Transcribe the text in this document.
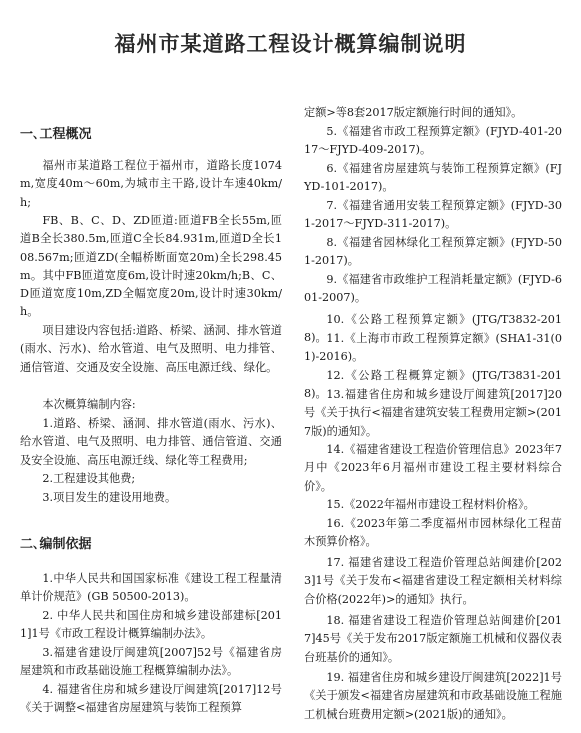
福州市某道路工程设计概算编制说明
一､工程概况
福州市某道路工程位于福州市，道路长度1074m,宽度40m～60m,为城市主干路,设计车速40km/h;
FB、B、C、D、ZD匝道:匝道FB全长55m,匝道B全长380.5m,匝道C全长84.931m,匝道D全长108.567m;匝道ZD(全幅桥断面宽20m)全长298.45m。其中FB匝道宽度6m,设计时速20km/h;B、C、D匝道宽度10m,ZD全幅宽度20m,设计时速30km/h。
项目建设内容包括:道路、桥梁、涵洞、排水管道(雨水、污水)、给水管道、电气及照明、电力排管、通信管道、交通及安全设施、高压电源迁线、绿化。
本次概算编制内容:
1.道路、桥梁、涵洞、排水管道(雨水、污水)、给水管道、电气及照明、电力排管、通信管道、交通及安全设施、高压电源迁线、绿化等工程费用;
2.工程建设其他费;
3.项目发生的建设用地费。
二､编制依据
1.中华人民共和国国家标准《建设工程工程量清单计价规范》(GB 50500-2013)。
2. 中华人民共和国住房和城乡建设部建标[2011]1号《市政工程设计概算编制办法》。
3.福建省建设厅闽建筑[2007]52号《福建省房屋建筑和市政基础设施工程概算编制办法》。
4. 福建省住房和城乡建设厅闽建筑[2017]12号《关于调整<福建省房屋建筑与装饰工程预算
定额>等8套2017版定额施行时间的通知》。
5.《福建省市政工程预算定额》(FJYD-401-2017～FJYD-409-2017)。
6.《福建省房屋建筑与装饰工程预算定额》(FJYD-101-2017)。
7.《福建省通用安装工程预算定额》(FJYD-301-2017～FJYD-311-2017)。
8.《福建省园林绿化工程预算定额》(FJYD-501-2017)。
9.《福建省市政维护工程消耗量定额》(FJYD-601-2007)。
10.《公路工程预算定额》(JTG/T3832-2018)。 11.《上海市市政工程预算定额》(SHA1-31(01)-2016)。
12.《公路工程概算定额》(JTG/T3831-2018)。 13.福建省住房和城乡建设厅闽建筑[2017]20号《关于执行<福建省建筑安装工程费用定额>(2017版)的通知》。
14.《福建省建设工程造价管理信息》2023年7月中《2023年6月福州市建设工程主要材料综合价》。
15.《2022年福州市建设工程材料价格》。
16.《2023年第二季度福州市园林绿化工程苗木预算价格》。
17. 福建省建设工程造价管理总站闽建价[2023]1号《关于发布<福建省建设工程定额相关材料综合价格(2022年)>的通知》执行。
18. 福建省建设工程造价管理总站闽建价[2017]45号《关于发布2017版定额施工机械和仪器仪表台班基价的通知》。
19. 福建省住房和城乡建设厅闽建筑[2022]1号《关于颁发<福建省房屋建筑和市政基础设施工程施工机械台班费用定额>(2021版)的通知》。
